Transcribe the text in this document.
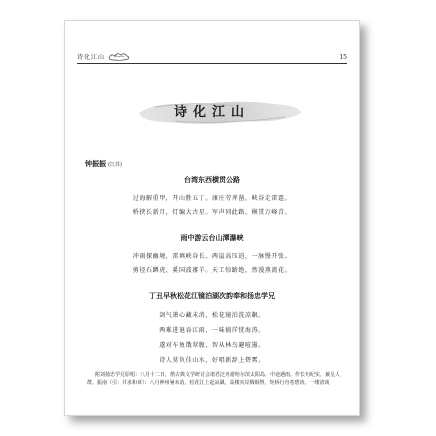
诗化江山	15
诗化江山
钟振振 (江苏)
台湾东西横贯公路
过海解重甲，开山胜五丁。康庄劳斧凿，峡谷走雷霆。
桥挟长新月，灯编大古星。军声同此路，横贯万峰青。
雨中游云台山潭瀑峡
冲雨探幽境，雷填峡谷长。两崖高压迫，一脉慢开张。
剪径石蹲虎，奚国波審羊。天工惊路绝，然漫燕流花。
丁丑早秋松花江镜泊湖次韵奉和扬忠学兄
剑气箫心藏未消，松花镜泊洗凉飙。
两难进退吞江雨，一味徜徉恍海涛。
遂对车鱼饿翠腹，智从林鸟避喧嚣。
诗人莫负佳山水，好唱新辞上碧霄。
附刘扬忠学兄原唱：八月十二日，偕古典文学研讨会诸君泛舟游哈尔滨太阳岛，中途遇雨。作长句纪实，兼呈人群。振南（引：并求和章）：八月神州暑未消，松花江上起凉飙。高楼夹岸腾铜脊，矩桥行舟卷碧涛。一缕清谈
